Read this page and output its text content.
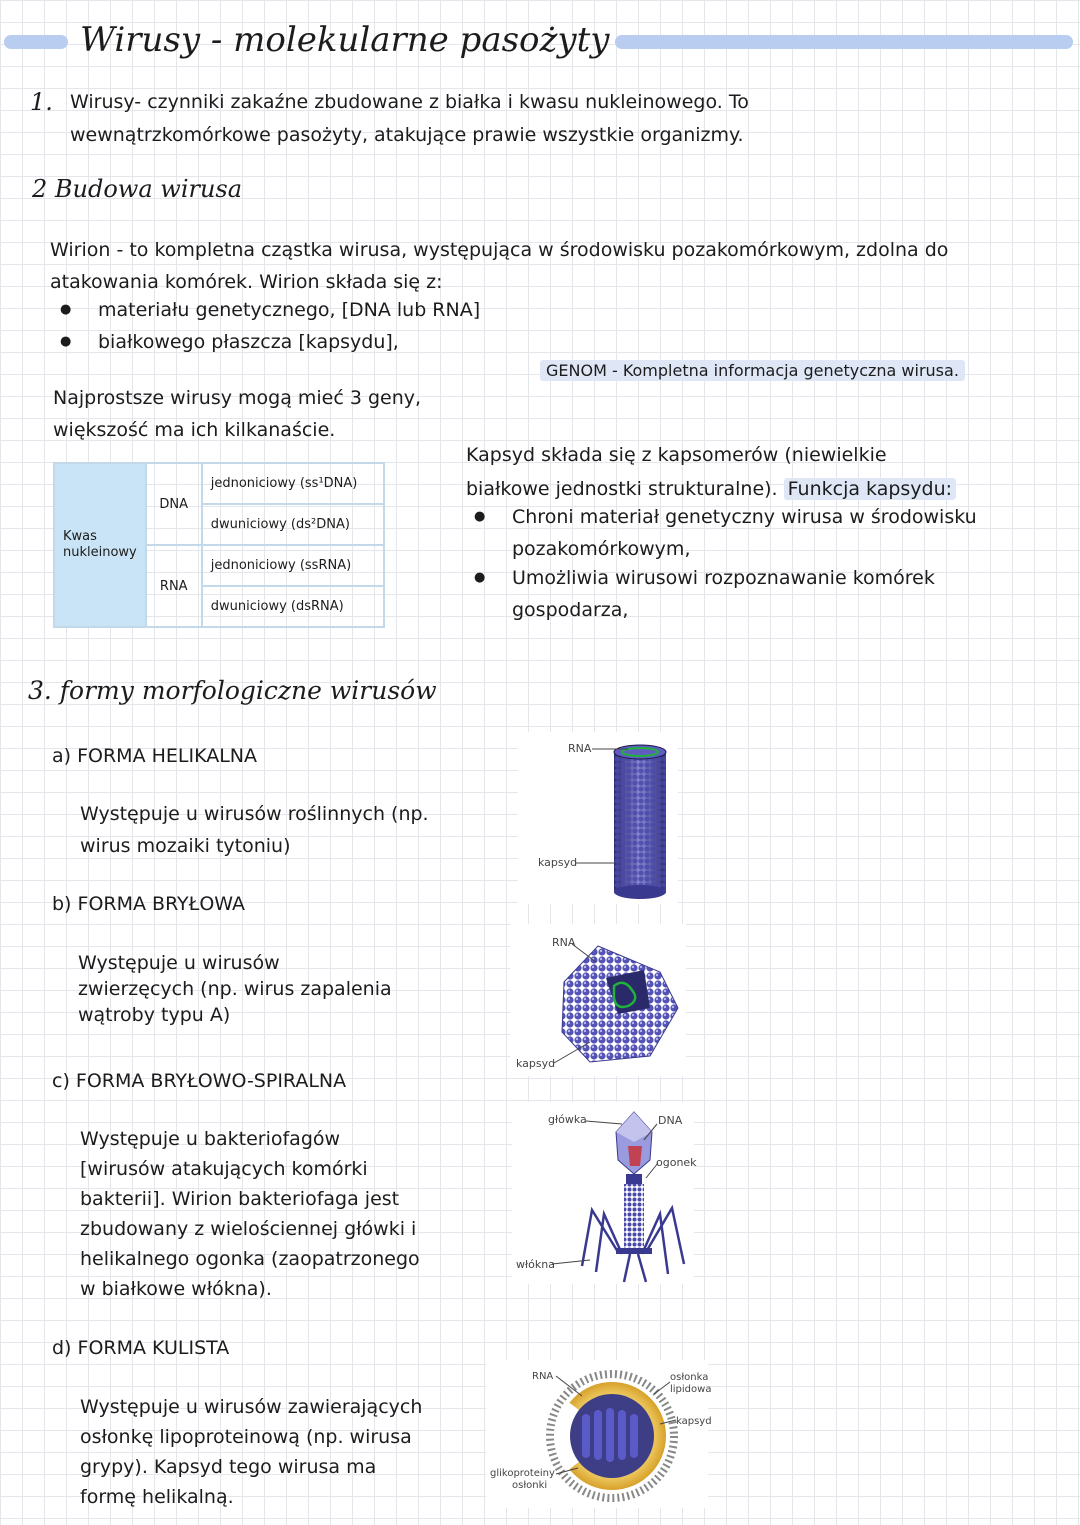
Wirusy - molekularne pasożyty
1. Wirusy- czynniki zakaźne zbudowane z białka i kwasu nukleinowego. To
wewnątrzkomórkowe pasożyty, atakujące prawie wszystkie organizmy.
2 Budowa wirusa
Wirion - to kompletna cząstka wirusa, występująca w środowisku pozakomórkowym, zdolna do
atakowania komórek. Wirion składa się z:
● materiału genetycznego, [DNA lub RNA]
● białkowego płaszcza [kapsydu],
GENOM - Kompletna informacja genetyczna wirusa.
Najprostsze wirusy mogą mieć 3 geny,
większość ma ich kilkanaście.
Kwas nukleinowy	DNA	jednoniciowy (ss¹DNA)
		dwuniciowy (ds²DNA)
	RNA	jednoniciowy (ssRNA)
		dwuniciowy (dsRNA)
Kapsyd składa się z kapsomerów (niewielkie
białkowe jednostki strukturalne). Funkcja kapsydu:
● Chroni materiał genetyczny wirusa w środowisku
pozakomórkowym,
● Umożliwia wirusowi rozpoznawanie komórek
gospodarza,
3. formy morfologiczne wirusów
a) FORMA HELIKALNA
Występuje u wirusów roślinnych (np.
wirus mozaiki tytoniu)
b) FORMA BRYŁOWA
Występuje u wirusów
zwierzęcych (np. wirus zapalenia
wątroby typu A)
c) FORMA BRYŁOWO-SPIRALNA
Występuje u bakteriofagów
[wirusów atakujących komórki
bakterii]. Wirion bakteriofaga jest
zbudowany z wielościennej główki i
helikalnego ogonka (zaopatrzonego
w białkowe włókna).
d) FORMA KULISTA
Występuje u wirusów zawierających
osłonkę lipoproteinową (np. wirusa
grypy). Kapsyd tego wirusa ma
formę helikalną.
RNA
kapsyd
RNA
kapsyd
główka	DNA
ogonek
włókna
RNA	osłonka
lipidowa
kapsyd
glikoproteiny
osłonki
